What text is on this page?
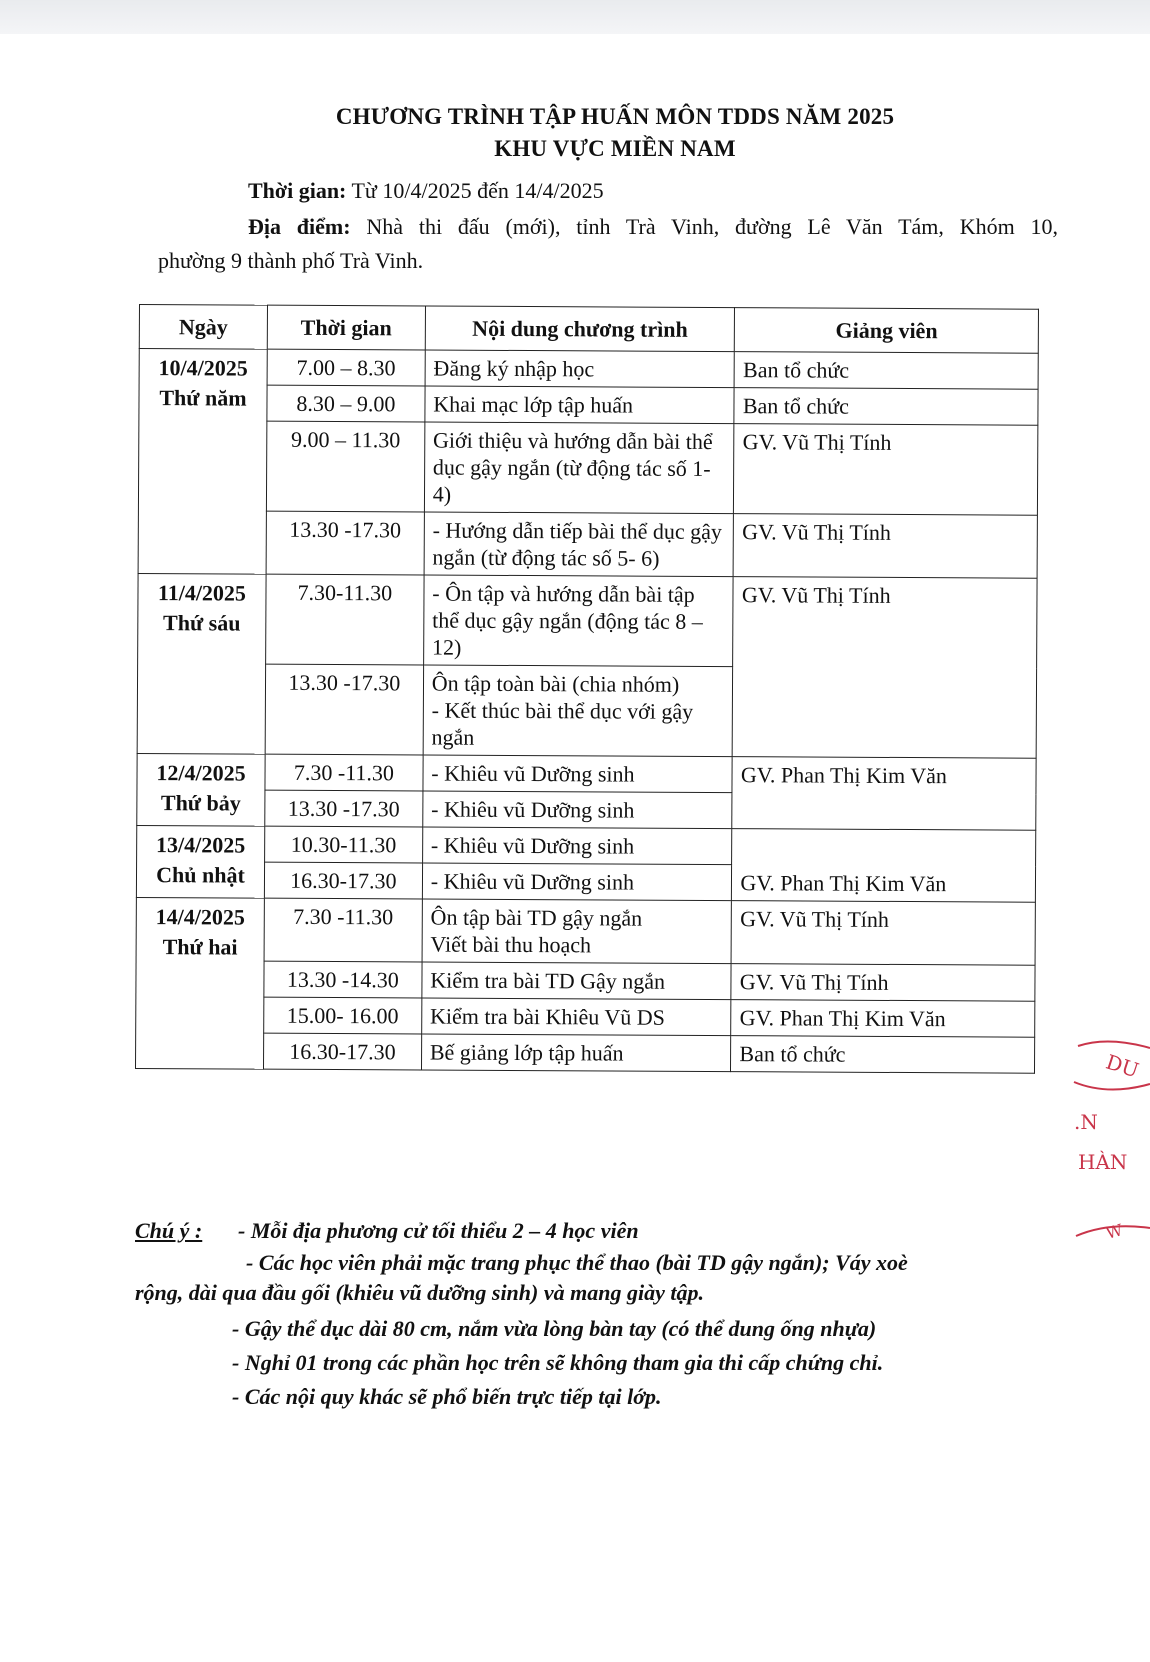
CHƯƠNG TRÌNH TẬP HUẤN MÔN TDDS NĂM 2025
KHU VỰC MIỀN NAM
Thời gian: Từ 10/4/2025 đến 14/4/2025
Địa điểm: Nhà thi đấu (mới), tỉnh Trà Vinh, đường Lê Văn Tám, Khóm 10,
phường 9 thành phố Trà Vinh.
Ngày	Thời gian	Nội dung chương trình	Giảng viên
10/4/2025
Thứ năm	7.00 – 8.30	Đăng ký nhập học	Ban tổ chức
	8.30 – 9.00	Khai mạc lớp tập huấn	Ban tổ chức
	9.00 – 11.30	Giới thiệu và hướng dẫn bài thể dục gậy ngắn (từ động tác số 1- 4)	GV. Vũ Thị Tính
	13.30 -17.30	- Hướng dẫn tiếp bài thể dục gậy ngắn (từ động tác số 5- 6)	GV. Vũ Thị Tính
11/4/2025
Thứ sáu	7.30-11.30	- Ôn tập và hướng dẫn bài tập thể dục gậy ngắn (động tác 8 – 12)	GV. Vũ Thị Tính
	13.30 -17.30	Ôn tập toàn bài (chia nhóm)
- Kết thúc bài thể dục với gậy ngắn	
12/4/2025
Thứ bảy	7.30 -11.30	- Khiêu vũ Dưỡng sinh	GV. Phan Thị Kim Văn
	13.30 -17.30	- Khiêu vũ Dưỡng sinh	
13/4/2025
Chủ nhật	10.30-11.30	- Khiêu vũ Dưỡng sinh	GV. Phan Thị Kim Văn
	16.30-17.30	- Khiêu vũ Dưỡng sinh	
14/4/2025
Thứ hai	7.30 -11.30	Ôn tập bài TD gậy ngắn
Viết bài thu hoạch	GV. Vũ Thị Tính
	13.30 -14.30	Kiểm tra bài TD Gậy ngắn	GV. Vũ Thị Tính
	15.00- 16.00	Kiểm tra bài Khiêu Vũ DS	GV. Phan Thị Kim Văn
	16.30-17.30	Bế giảng lớp tập huấn	Ban tổ chức
Chú ý :	- Mỗi địa phương cử tối thiểu 2 – 4 học viên
- Các học viên phải mặc trang phục thể thao (bài TD gậy ngắn); Váy xoè
rộng, dài qua đầu gối (khiêu vũ dưỡng sinh) và mang giày tập.
- Gậy thể dục dài 80 cm, nắm vừa lòng bàn tay (có thể dung ống nhựa)
- Nghỉ 01 trong các phần học trên sẽ không tham gia thi cấp chứng chỉ.
- Các nội quy khác sẽ phổ biến trực tiếp tại lớp.
DU
.N
HÀN
W
